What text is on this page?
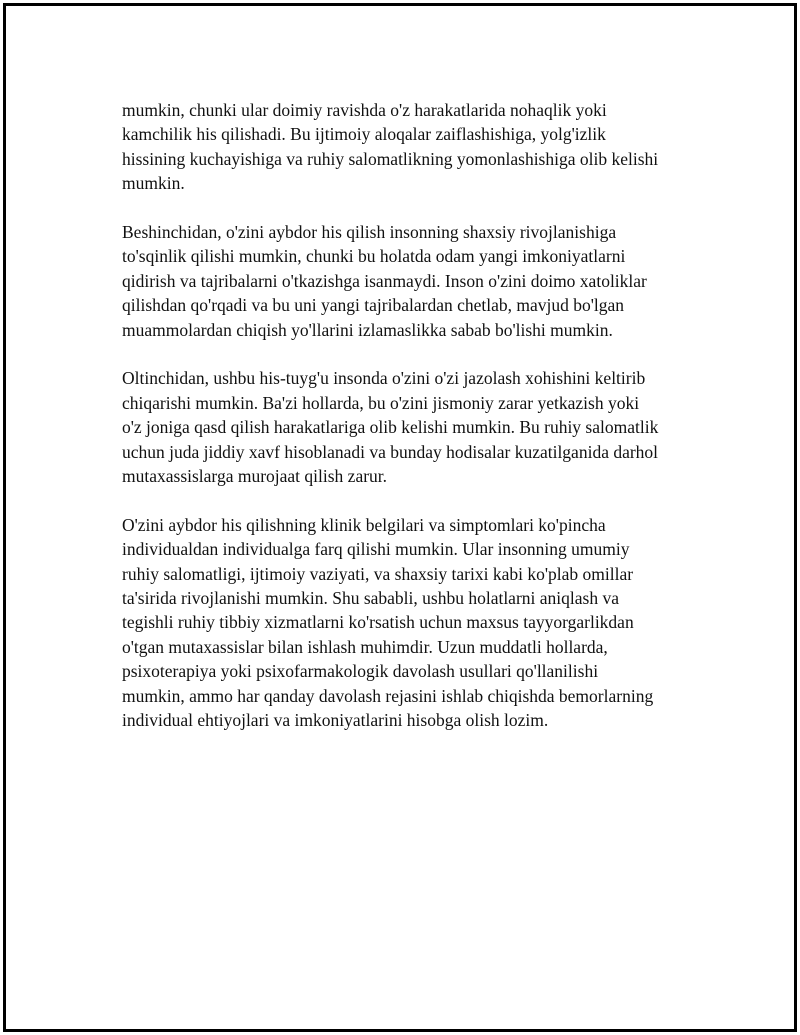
mumkin, chunki ular doimiy ravishda o'z harakatlarida nohaqlik yoki
kamchilik his qilishadi. Bu ijtimoiy aloqalar zaiflashishiga, yolg'izlik
hissining kuchayishiga va ruhiy salomatlikning yomonlashishiga olib kelishi
mumkin.

Beshinchidan, o'zini aybdor his qilish insonning shaxsiy rivojlanishiga
to'sqinlik qilishi mumkin, chunki bu holatda odam yangi imkoniyatlarni
qidirish va tajribalarni o'tkazishga isanmaydi. Inson o'zini doimo xatoliklar
qilishdan qo'rqadi va bu uni yangi tajribalardan chetlab, mavjud bo'lgan
muammolardan chiqish yo'llarini izlamaslikka sabab bo'lishi mumkin.

Oltinchidan, ushbu his-tuyg'u insonda o'zini o'zi jazolash xohishini keltirib
chiqarishi mumkin. Ba'zi hollarda, bu o'zini jismoniy zarar yetkazish yoki
o'z joniga qasd qilish harakatlariga olib kelishi mumkin. Bu ruhiy salomatlik
uchun juda jiddiy xavf hisoblanadi va bunday hodisalar kuzatilganida darhol
mutaxassislarga murojaat qilish zarur.

O'zini aybdor his qilishning klinik belgilari va simptomlari ko'pincha
individualdan individualga farq qilishi mumkin. Ular insonning umumiy
ruhiy salomatligi, ijtimoiy vaziyati, va shaxsiy tarixi kabi ko'plab omillar
ta'sirida rivojlanishi mumkin. Shu sababli, ushbu holatlarni aniqlash va
tegishli ruhiy tibbiy xizmatlarni ko'rsatish uchun maxsus tayyorgarlikdan
o'tgan mutaxassislar bilan ishlash muhimdir. Uzun muddatli hollarda,
psixoterapiya yoki psixofarmakologik davolash usullari qo'llanilishi
mumkin, ammo har qanday davolash rejasini ishlab chiqishda bemorlarning
individual ehtiyojlari va imkoniyatlarini hisobga olish lozim.
